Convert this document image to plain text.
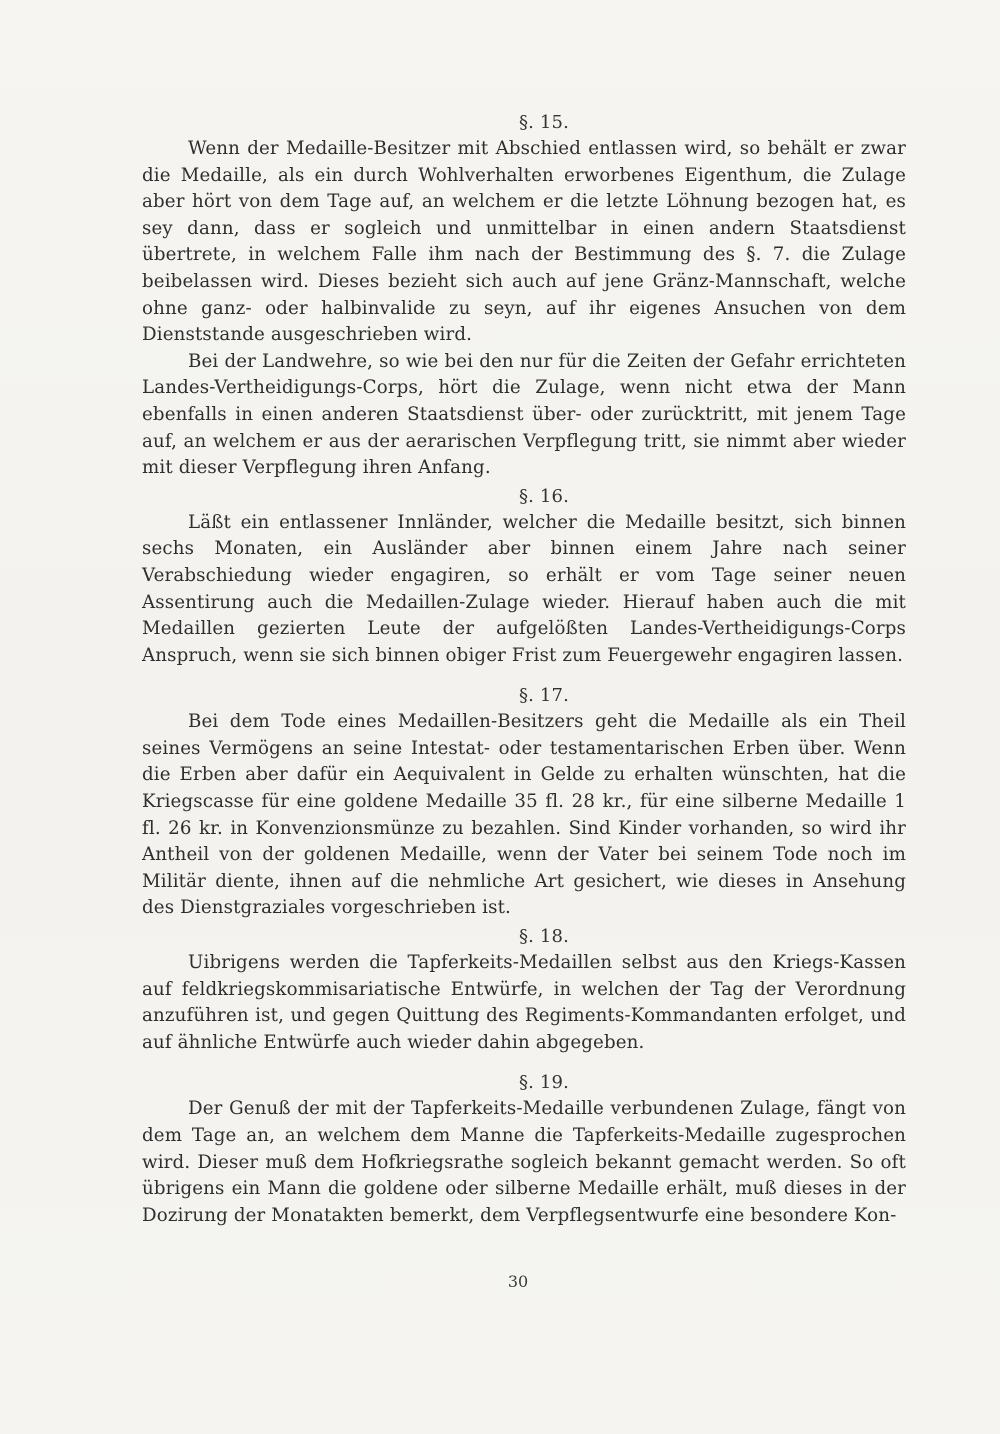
§. 15.

Wenn der Medaille-Besitzer mit Abschied entlassen wird, so behält er zwar die Medaille, als ein durch Wohlverhalten erworbenes Eigenthum, die Zulage aber hört von dem Tage auf, an welchem er die letzte Löhnung bezogen hat, es sey dann, dass er sogleich und unmittelbar in einen andern Staatsdienst übertrete, in welchem Falle ihm nach der Bestimmung des §. 7. die Zulage beibelassen wird. Dieses bezieht sich auch auf jene Gränz-Mannschaft, welche ohne ganz- oder halbinvalide zu seyn, auf ihr eigenes Ansuchen von dem Dienststande ausgeschrieben wird.

Bei der Landwehre, so wie bei den nur für die Zeiten der Gefahr errichteten Landes-Vertheidigungs-Corps, hört die Zulage, wenn nicht etwa der Mann ebenfalls in einen anderen Staatsdienst über- oder zurücktritt, mit jenem Tage auf, an welchem er aus der aerarischen Verpflegung tritt, sie nimmt aber wieder mit dieser Verpflegung ihren Anfang.

§. 16.

Läßt ein entlassener Innländer, welcher die Medaille besitzt, sich binnen sechs Monaten, ein Ausländer aber binnen einem Jahre nach seiner Verabschiedung wieder engagiren, so erhält er vom Tage seiner neuen Assentirung auch die Medaillen-Zulage wieder. Hierauf haben auch die mit Medaillen gezierten Leute der aufgelößten Landes-Vertheidigungs-Corps Anspruch, wenn sie sich binnen obiger Frist zum Feuergewehr engagiren lassen.

§. 17.

Bei dem Tode eines Medaillen-Besitzers geht die Medaille als ein Theil seines Vermögens an seine Intestat- oder testamentarischen Erben über. Wenn die Erben aber dafür ein Aequivalent in Gelde zu erhalten wünschten, hat die Kriegscasse für eine goldene Medaille 35 fl. 28 kr., für eine silberne Medaille 1 fl. 26 kr. in Konvenzionsmünze zu bezahlen. Sind Kinder vorhanden, so wird ihr Antheil von der goldenen Medaille, wenn der Vater bei seinem Tode noch im Militär diente, ihnen auf die nehmliche Art gesichert, wie dieses in Ansehung des Dienstgraziales vorgeschrieben ist.

§. 18.

Uibrigens werden die Tapferkeits-Medaillen selbst aus den Kriegs-Kassen auf feldkriegskommisariatische Entwürfe, in welchen der Tag der Verordnung anzuführen ist, und gegen Quittung des Regiments-Kommandanten erfolget, und auf ähnliche Entwürfe auch wieder dahin abgegeben.

§. 19.

Der Genuß der mit der Tapferkeits-Medaille verbundenen Zulage, fängt von dem Tage an, an welchem dem Manne die Tapferkeits-Medaille zugesprochen wird. Dieser muß dem Hofkriegsrathe sogleich bekannt gemacht werden. So oft übrigens ein Mann die goldene oder silberne Medaille erhält, muß dieses in der Dozirung der Monatakten bemerkt, dem Verpflegsentwurfe eine besondere Kon-

30
